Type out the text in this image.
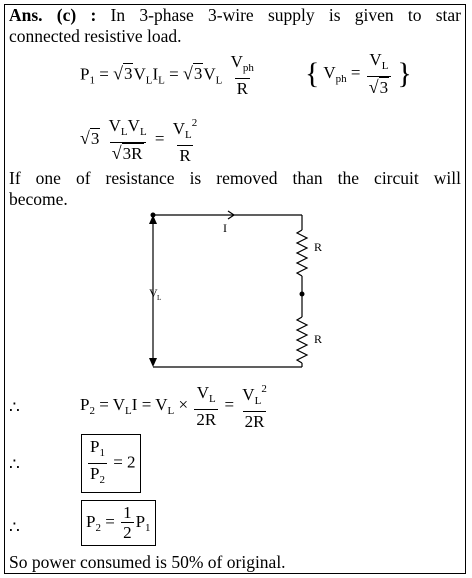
Ans. (c) : In 3-phase 3-wire supply is given to star
connected resistive load.
$P_1 = √3V_LI_L = √3V_L \frac{V_{ph}}{R}$ { $V_{ph} = \frac{V_L}{√3}$ }
$√3 \frac{V_LV_L}{√3R} = \frac{V_L^2}{R}$
If one of resistance is removed than the circuit will
become.
I
R
R
V L
∴	$P_2 = V_LI = V_L \times \frac{V_L}{2R} = \frac{V_L^2}{2R}$
∴	$\frac{P_1}{P_2} = 2$
∴	$P_2 = \frac{1}{2} P_1$
So power consumed is 50% of original.
